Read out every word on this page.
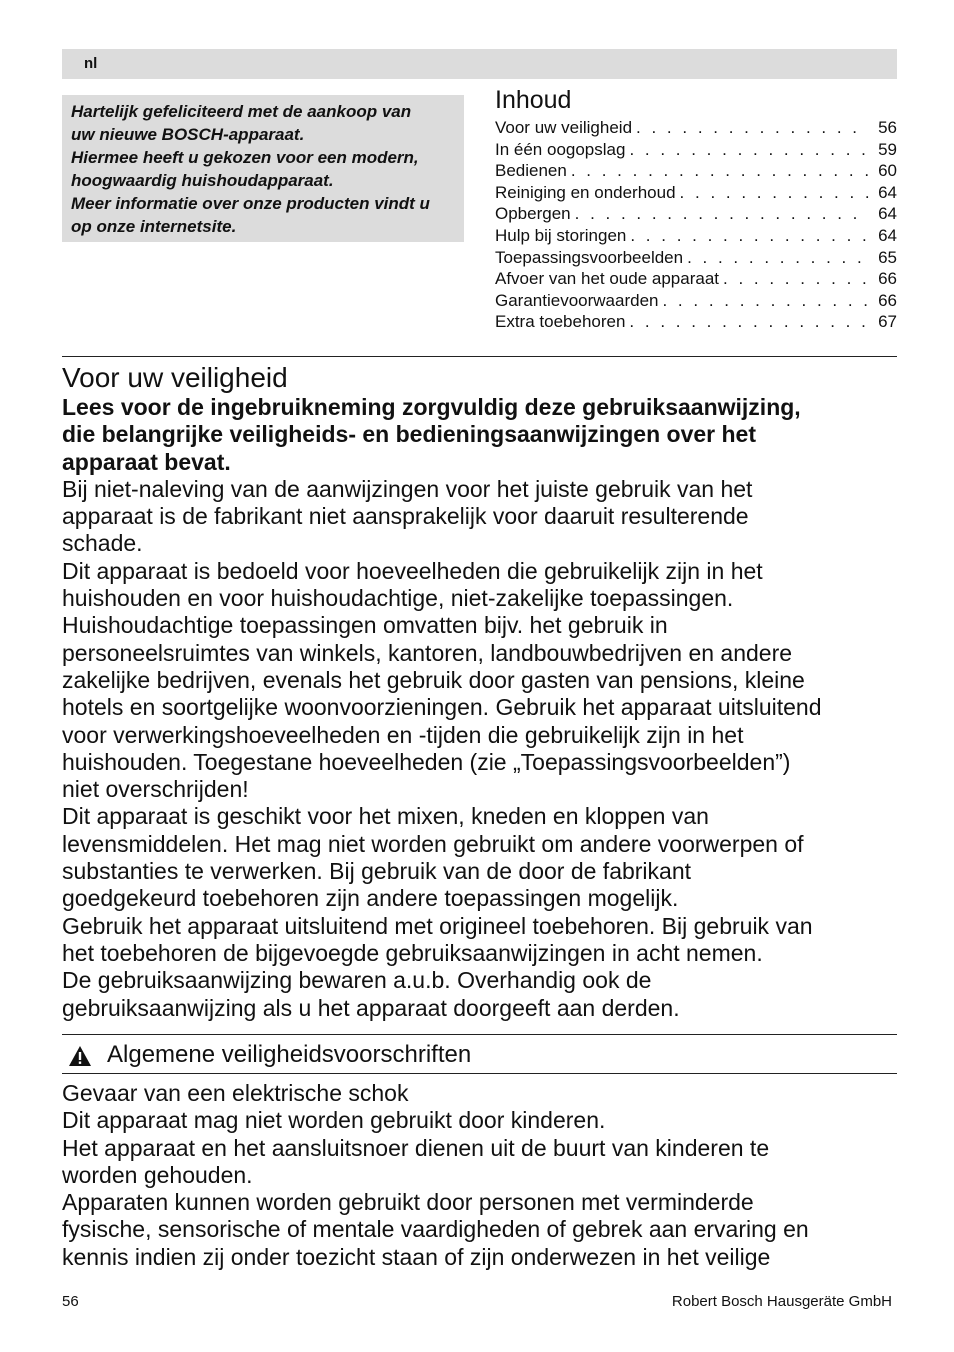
nl

Hartelijk gefeliciteerd met de aankoop van

uw nieuwe BOSCH-apparaat.

Hiermee heeft u gekozen voor een modern,

hoogwaardig huishoudapparaat.

Meer informatie over onze producten vindt u

op onze internetsite.

Inhoud
Voor uw veiligheid . . .	56
In één oogopslag . . .	59
Bedienen . . .	60
Reiniging en onderhoud . . .	64
Opbergen . . .	64
Hulp bij storingen . . .	64
Toepassingsvoorbeelden . . .	65
Afvoer van het oude apparaat . . .	66
Garantievoorwaarden . . .	66
Extra toebehoren . . .	67
Voor uw veiligheid

Lees voor de ingebruikneming zorgvuldig deze gebruiksaanwijzing,

die belangrijke veiligheids- en bedieningsaanwijzingen over het

apparaat bevat.

Bij niet-naleving van de aanwijzingen voor het juiste gebruik van het

apparaat is de fabrikant niet aansprakelijk voor daaruit resulterende

schade.

Dit apparaat is bedoeld voor hoeveelheden die gebruikelijk zijn in het

huishouden en voor huishoudachtige, niet-zakelijke toepassingen.

Huishoudachtige toepassingen omvatten bijv. het gebruik in

personeelsruimtes van winkels, kantoren, landbouwbedrijven en andere

zakelijke bedrijven, evenals het gebruik door gasten van pensions, kleine

hotels en soortgelijke woonvoorzieningen. Gebruik het apparaat uitsluitend

voor verwerkingshoeveelheden en -tijden die gebruikelijk zijn in het

huishouden. Toegestane hoeveelheden (zie „Toepassingsvoorbeelden”)

niet overschrijden!

Dit apparaat is geschikt voor het mixen, kneden en kloppen van

levensmiddelen. Het mag niet worden gebruikt om andere voorwerpen of

substanties te verwerken. Bij gebruik van de door de fabrikant

goedgekeurd toebehoren zijn andere toepassingen mogelijk.

Gebruik het apparaat uitsluitend met origineel toebehoren. Bij gebruik van

het toebehoren de bijgevoegde gebruiksaanwijzingen in acht nemen.

De gebruiksaanwijzing bewaren a.u.b. Overhandig ook de

gebruiksaanwijzing als u het apparaat doorgeeft aan derden.

Algemene veiligheidsvoorschriften
Gevaar van een elektrische schok

Dit apparaat mag niet worden gebruikt door kinderen.

Het apparaat en het aansluitsnoer dienen uit de buurt van kinderen te

worden gehouden.

Apparaten kunnen worden gebruikt door personen met verminderde

fysische, sensorische of mentale vaardigheden of gebrek aan ervaring en

kennis indien zij onder toezicht staan of zijn onderwezen in het veilige

56	Robert Bosch Hausgeräte GmbH
